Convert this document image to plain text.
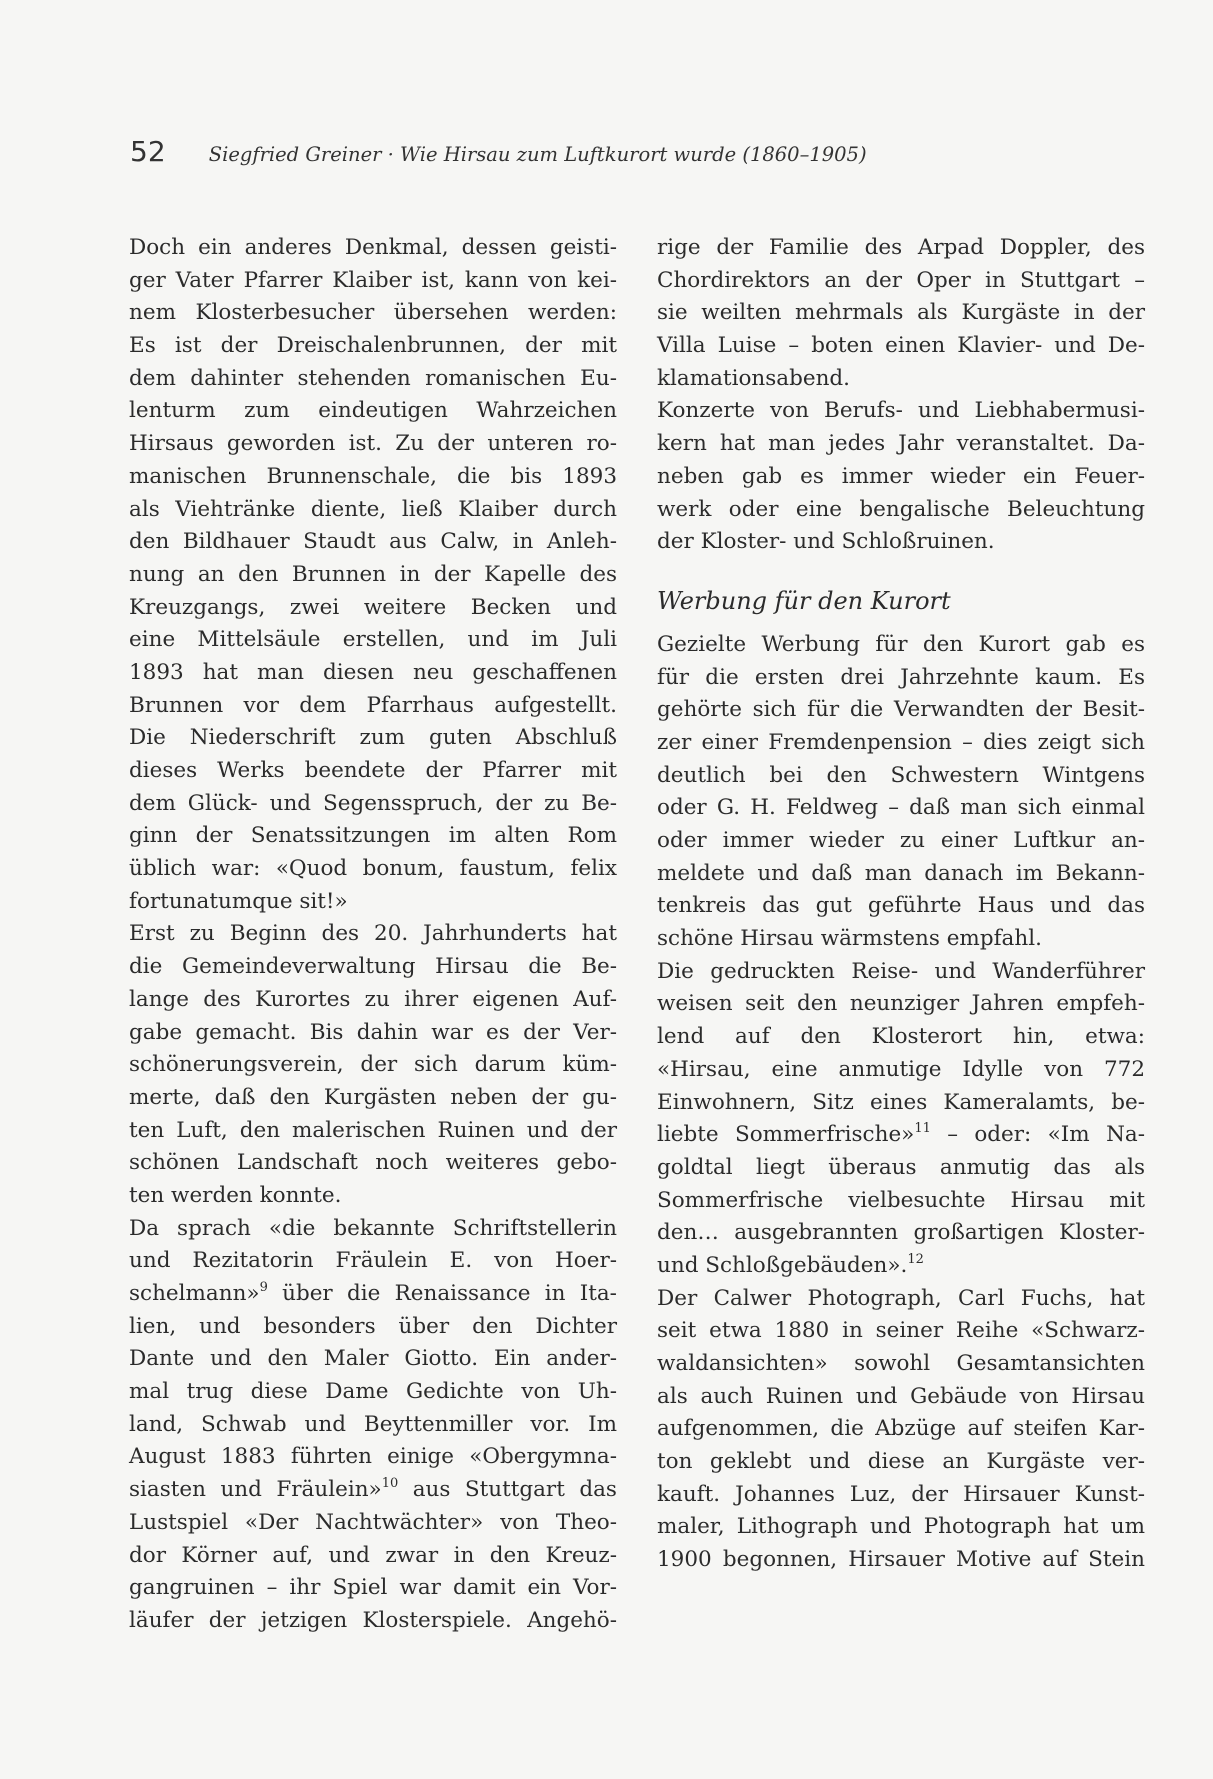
52 Siegfried Greiner · Wie Hirsau zum Luftkurort wurde (1860–1905)
Doch ein anderes Denkmal, dessen geisti-
ger Vater Pfarrer Klaiber ist, kann von kei-
nem Klosterbesucher übersehen werden:
Es ist der Dreischalenbrunnen, der mit
dem dahinter stehenden romanischen Eu-
lenturm zum eindeutigen Wahrzeichen
Hirsaus geworden ist. Zu der unteren ro-
manischen Brunnenschale, die bis 1893
als Viehtränke diente, ließ Klaiber durch
den Bildhauer Staudt aus Calw, in Anleh-
nung an den Brunnen in der Kapelle des
Kreuzgangs, zwei weitere Becken und
eine Mittelsäule erstellen, und im Juli
1893 hat man diesen neu geschaffenen
Brunnen vor dem Pfarrhaus aufgestellt.
Die Niederschrift zum guten Abschluß
dieses Werks beendete der Pfarrer mit
dem Glück- und Segensspruch, der zu Be-
ginn der Senatssitzungen im alten Rom
üblich war: «Quod bonum, faustum, felix
fortunatumque sit!»
Erst zu Beginn des 20. Jahrhunderts hat
die Gemeindeverwaltung Hirsau die Be-
lange des Kurortes zu ihrer eigenen Auf-
gabe gemacht. Bis dahin war es der Ver-
schönerungsverein, der sich darum küm-
merte, daß den Kurgästen neben der gu-
ten Luft, den malerischen Ruinen und der
schönen Landschaft noch weiteres gebo-
ten werden konnte.
Da sprach «die bekannte Schriftstellerin
und Rezitatorin Fräulein E. von Hoer-
schelmann»$^9$ über die Renaissance in Ita-
lien, und besonders über den Dichter
Dante und den Maler Giotto. Ein ander-
mal trug diese Dame Gedichte von Uh-
land, Schwab und Beyttenmiller vor. Im
August 1883 führten einige «Obergymna-
siasten und Fräulein»$^{10}$ aus Stuttgart das
Lustspiel «Der Nachtwächter» von Theo-
dor Körner auf, und zwar in den Kreuz-
gangruinen – ihr Spiel war damit ein Vor-
läufer der jetzigen Klosterspiele. Angehö-
rige der Familie des Arpad Doppler, des
Chordirektors an der Oper in Stuttgart –
sie weilten mehrmals als Kurgäste in der
Villa Luise – boten einen Klavier- und De-
klamationsabend.
Konzerte von Berufs- und Liebhabermusi-
kern hat man jedes Jahr veranstaltet. Da-
neben gab es immer wieder ein Feuer-
werk oder eine bengalische Beleuchtung
der Kloster- und Schloßruinen.
Werbung für den Kurort
Gezielte Werbung für den Kurort gab es
für die ersten drei Jahrzehnte kaum. Es
gehörte sich für die Verwandten der Besit-
zer einer Fremdenpension – dies zeigt sich
deutlich bei den Schwestern Wintgens
oder G. H. Feldweg – daß man sich einmal
oder immer wieder zu einer Luftkur an-
meldete und daß man danach im Bekann-
tenkreis das gut geführte Haus und das
schöne Hirsau wärmstens empfahl.
Die gedruckten Reise- und Wanderführer
weisen seit den neunziger Jahren empfeh-
lend auf den Klosterort hin, etwa:
«Hirsau, eine anmutige Idylle von 772
Einwohnern, Sitz eines Kameralamts, be-
liebte Sommerfrische»$^{11}$ – oder: «Im Na-
goldtal liegt überaus anmutig das als
Sommerfrische vielbesuchte Hirsau mit
den… ausgebrannten großartigen Kloster-
und Schloßgebäuden».$^{12}$
Der Calwer Photograph, Carl Fuchs, hat
seit etwa 1880 in seiner Reihe «Schwarz-
waldansichten» sowohl Gesamtansichten
als auch Ruinen und Gebäude von Hirsau
aufgenommen, die Abzüge auf steifen Kar-
ton geklebt und diese an Kurgäste ver-
kauft. Johannes Luz, der Hirsauer Kunst-
maler, Lithograph und Photograph hat um
1900 begonnen, Hirsauer Motive auf Stein
